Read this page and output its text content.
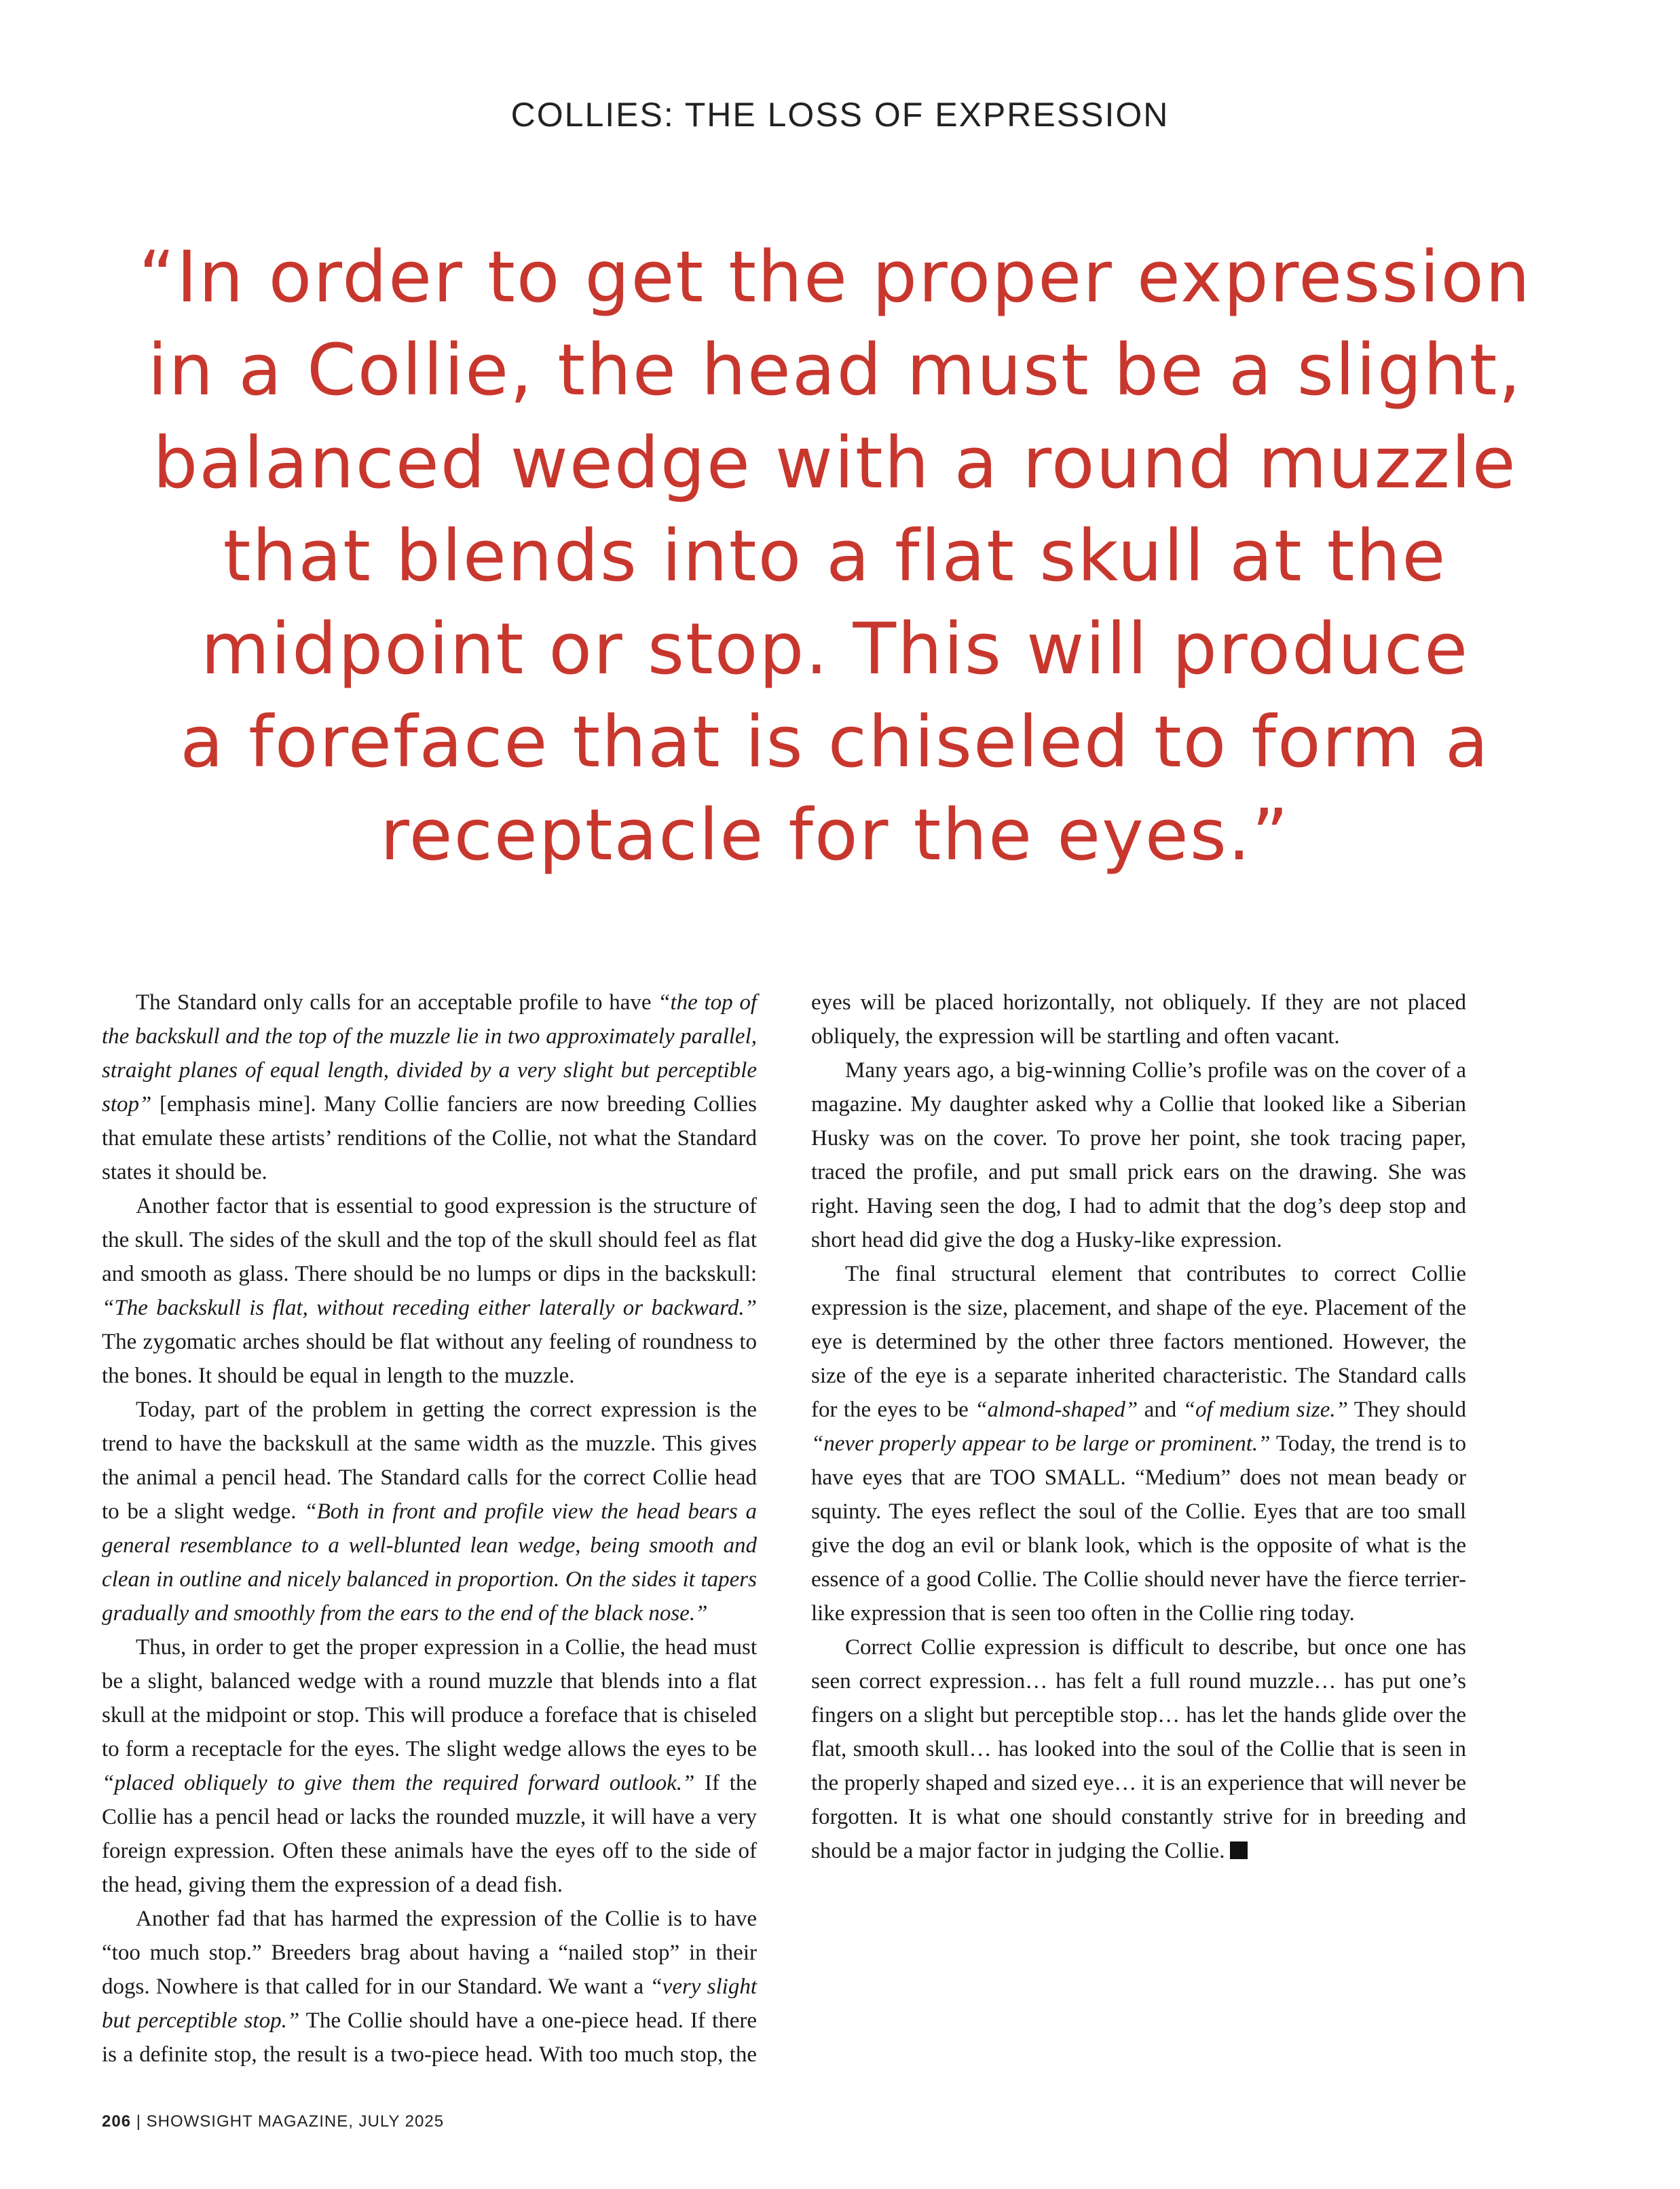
COLLIES: THE LOSS OF EXPRESSION
“In order to get the proper expression
in a Collie, the head must be a slight,
balanced wedge with a round muzzle
that blends into a flat skull at the
midpoint or stop. This will produce
a foreface that is chiseled to form a
receptacle for the eyes.”

The Standard only calls for an acceptable profile to have “the top of the backskull and the top of the muzzle lie in two approximately parallel, straight planes of equal length, divided by a very slight but perceptible stop” [emphasis mine]. Many Collie fanciers are now breeding Collies that emulate these artists’ renditions of the Collie, not what the Standard states it should be.

Another factor that is essential to good expression is the structure of the skull. The sides of the skull and the top of the skull should feel as flat and smooth as glass. There should be no lumps or dips in the backskull: “The backskull is flat, without receding either laterally or backward.” The zygomatic arches should be flat without any feeling of roundness to the bones. It should be equal in length to the muzzle.

Today, part of the problem in getting the correct expression is the trend to have the backskull at the same width as the muzzle. This gives the animal a pencil head. The Standard calls for the correct Collie head to be a slight wedge. “Both in front and profile view the head bears a general resemblance to a well-blunted lean wedge, being smooth and clean in outline and nicely balanced in proportion. On the sides it tapers gradually and smoothly from the ears to the end of the black nose.”

Thus, in order to get the proper expression in a Collie, the head must be a slight, balanced wedge with a round muzzle that blends into a flat skull at the midpoint or stop. This will produce a foreface that is chiseled to form a receptacle for the eyes. The slight wedge allows the eyes to be “placed obliquely to give them the required forward outlook.” If the Collie has a pencil head or lacks the rounded muzzle, it will have a very foreign expression. Often these animals have the eyes off to the side of the head, giving them the expression of a dead fish.

Another fad that has harmed the expression of the Collie is to have “too much stop.” Breeders brag about having a “nailed stop” in their dogs. Nowhere is that called for in our Standard. We want a “very slight but perceptible stop.” The Collie should have a one-piece head. If there is a definite stop, the result is a two-piece head. With too much stop, the eyes will be placed horizontally, not obliquely. If they are not placed obliquely, the expression will be startling and often vacant.

Many years ago, a big-winning Collie’s profile was on the cover of a magazine. My daughter asked why a Collie that looked like a Siberian Husky was on the cover. To prove her point, she took tracing paper, traced the profile, and put small prick ears on the drawing. She was right. Having seen the dog, I had to admit that the dog’s deep stop and short head did give the dog a Husky-like expression.

The final structural element that contributes to correct Collie expression is the size, placement, and shape of the eye. Placement of the eye is determined by the other three factors mentioned. However, the size of the eye is a separate inherited characteristic. The Standard calls for the eyes to be “almond-shaped” and “of medium size.” They should “never properly appear to be large or prominent.” Today, the trend is to have eyes that are TOO SMALL. “Medium” does not mean beady or squinty. The eyes reflect the soul of the Collie. Eyes that are too small give the dog an evil or blank look, which is the opposite of what is the essence of a good Collie. The Collie should never have the fierce terrier-like expression that is seen too often in the Collie ring today.

Correct Collie expression is difficult to describe, but once one has seen correct expression… has felt a full round muzzle… has put one’s fingers on a slight but perceptible stop… has let the hands glide over the flat, smooth skull… has looked into the soul of the Collie that is seen in the properly shaped and sized eye… it is an experience that will never be forgotten. It is what one should constantly strive for in breeding and should be a major factor in judging the Collie.

206 | SHOWSIGHT MAGAZINE, JULY 2025
